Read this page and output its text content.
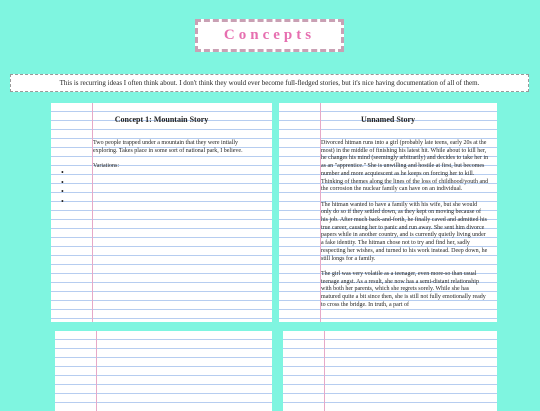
Concepts
This is recurring ideas I often think about. I don't think they would ever become full-fledged stories, but it's nice having documentation of all of them.
Concept 1: Mountain Story

Two people trapped under a mountain that they were intially exploring. Takes place in some sort of national park, I believe.

Variations:

•
•
•
•
Unnamed Story

Divorced hitman runs into a girl (probably late teens, early 20s at the most) in the middle of finishing his latest hit. While about to kill her, he changes his mind (seemingly arbitrarily) and decides to take her in as an "apprentice." She is unwilling and hostile at first, but becomes number and more acquiescent as he keeps on forcing her to kill. Thinking of themes along the lines of the loss of childhood/youth and the corrosion the nuclear family can have on an individual.

The hitman wanted to have a family with his wife, but she would only do so if they settled down, as they kept on moving because of his job. After much back-and-forth, he finally caved and admitted his true career, causing her to panic and run away. She sent him divorce papers while in another country, and is currently quietly living under a fake identity. The hitman chose not to try and find her, sadly respecting her wishes, and turned to his work instead. Deep down, he still longs for a family.

The girl was very volatile as a teenager, even more-so than usual teenage angst. As a result, she now has a semi-distant relationship with both her parents, which she regrets sorely. While she has matured quite a bit since then, she is still not fully emotionally ready to cross the bridge. In truth, a part of
